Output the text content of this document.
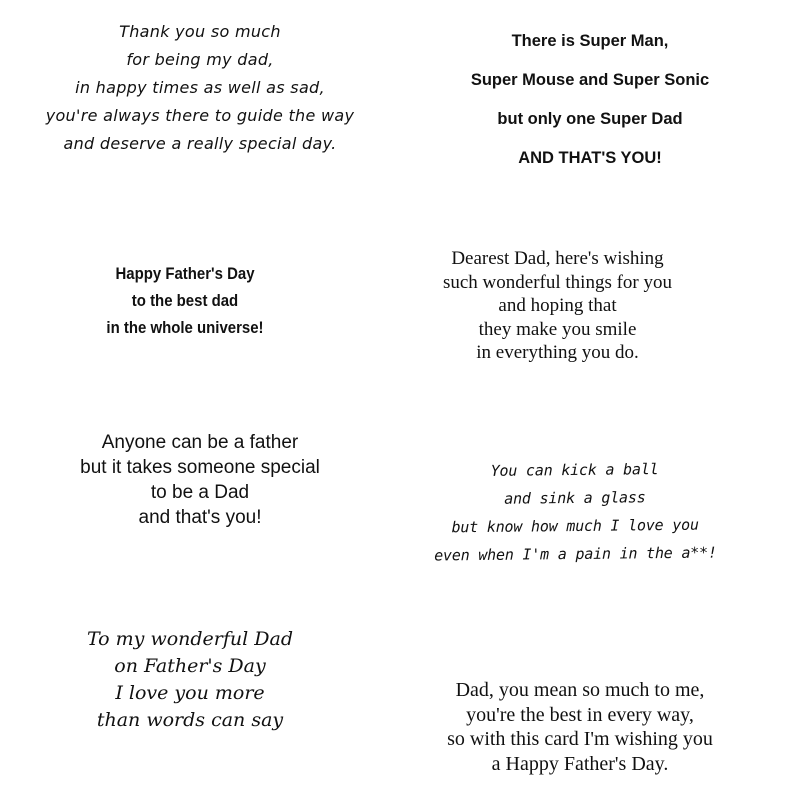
Thank you so much
for being my dad,
in happy times as well as sad,
you're always there to guide the way
and deserve a really special day.
There is Super Man,
Super Mouse and Super Sonic
but only one Super Dad
AND THAT'S YOU!
Happy Father's Day
to the best dad
in the whole universe!
Dearest Dad, here's wishing
such wonderful things for you
and hoping that
they make you smile
in everything you do.
Anyone can be a father
but it takes someone special
to be a Dad
and that's you!
You can kick a ball
and sink a glass
but know how much I love you
even when I'm a pain in the a**!
To my wonderful Dad
on Father's Day
I love you more
than words can say
Dad, you mean so much to me,
you're the best in every way,
so with this card I'm wishing you
a Happy Father's Day.
